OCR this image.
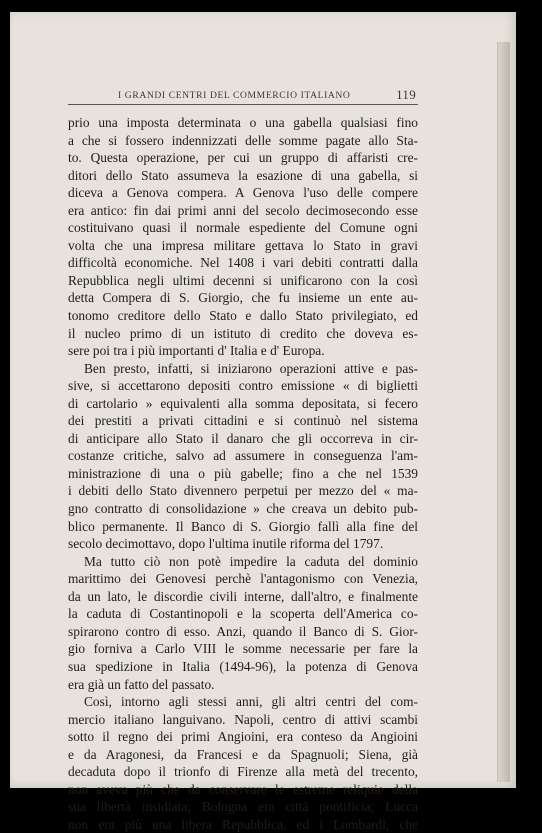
I GRANDI CENTRI DEL COMMERCIO ITALIANO	119
prio una imposta determinata o una gabella qualsiasi fino
a che si fossero indennizzati delle somme pagate allo Sta-
to. Questa operazione, per cui un gruppo di affaristi cre-
ditori dello Stato assumeva la esazione di una gabella, si
diceva a Genova compera. A Genova l'uso delle compere
era antico: fin dai primi anni del secolo decimosecondo esse
costituivano quasi il normale espediente del Comune ogni
volta che una impresa militare gettava lo Stato in gravi
difficoltà economiche. Nel 1408 i vari debiti contratti dalla
Repubblica negli ultimi decenni si unificarono con la così
detta Compera di S. Giorgio, che fu insieme un ente au-
tonomo creditore dello Stato e dallo Stato privilegiato, ed
il nucleo primo di un istituto di credito che doveva es-
sere poi tra i più importanti d' Italia e d' Europa.
Ben presto, infatti, si iniziarono operazioni attive e pas-
sive, si accettarono depositi contro emissione « di biglietti
di cartolario » equivalenti alla somma depositata, si fecero
dei prestiti a privati cittadini e si continuò nel sistema
di anticipare allo Stato il danaro che gli occorreva in cir-
costanze critiche, salvo ad assumere in conseguenza l'am-
ministrazione di una o più gabelle; fino a che nel 1539
i debiti dello Stato divennero perpetui per mezzo del « ma-
gno contratto di consolidazione » che creava un debito pub-
blico permanente. Il Banco di S. Giorgio fallì alla fine del
secolo decimottavo, dopo l'ultima inutile riforma del 1797.
Ma tutto ciò non potè impedire la caduta del dominio
marittimo dei Genovesi perchè l'antagonismo con Venezia,
da un lato, le discordie civili interne, dall'altro, e finalmente
la caduta di Costantinopoli e la scoperta dell'America co-
spirarono contro di esso. Anzi, quando il Banco di S. Gior-
gio forniva a Carlo VIII le somme necessarie per fare la
sua spedizione in Italia (1494-96), la potenza di Genova
era già un fatto del passato.
Così, intorno agli stessi anni, gli altri centri del com-
mercio italiano languivano. Napoli, centro di attivi scambi
sotto il regno dei primi Angioini, era conteso da Angioini
e da Aragonesi, da Francesi e da Spagnuoli; Siena, già
decaduta dopo il trionfo di Firenze alla metà del trecento,
non aveva più che da conservare le estreme reliquie della
sua libertà insidiata; Bologna era città pontificia; Lucca
non era più una libera Repubblica, ed i Lombardi, che
